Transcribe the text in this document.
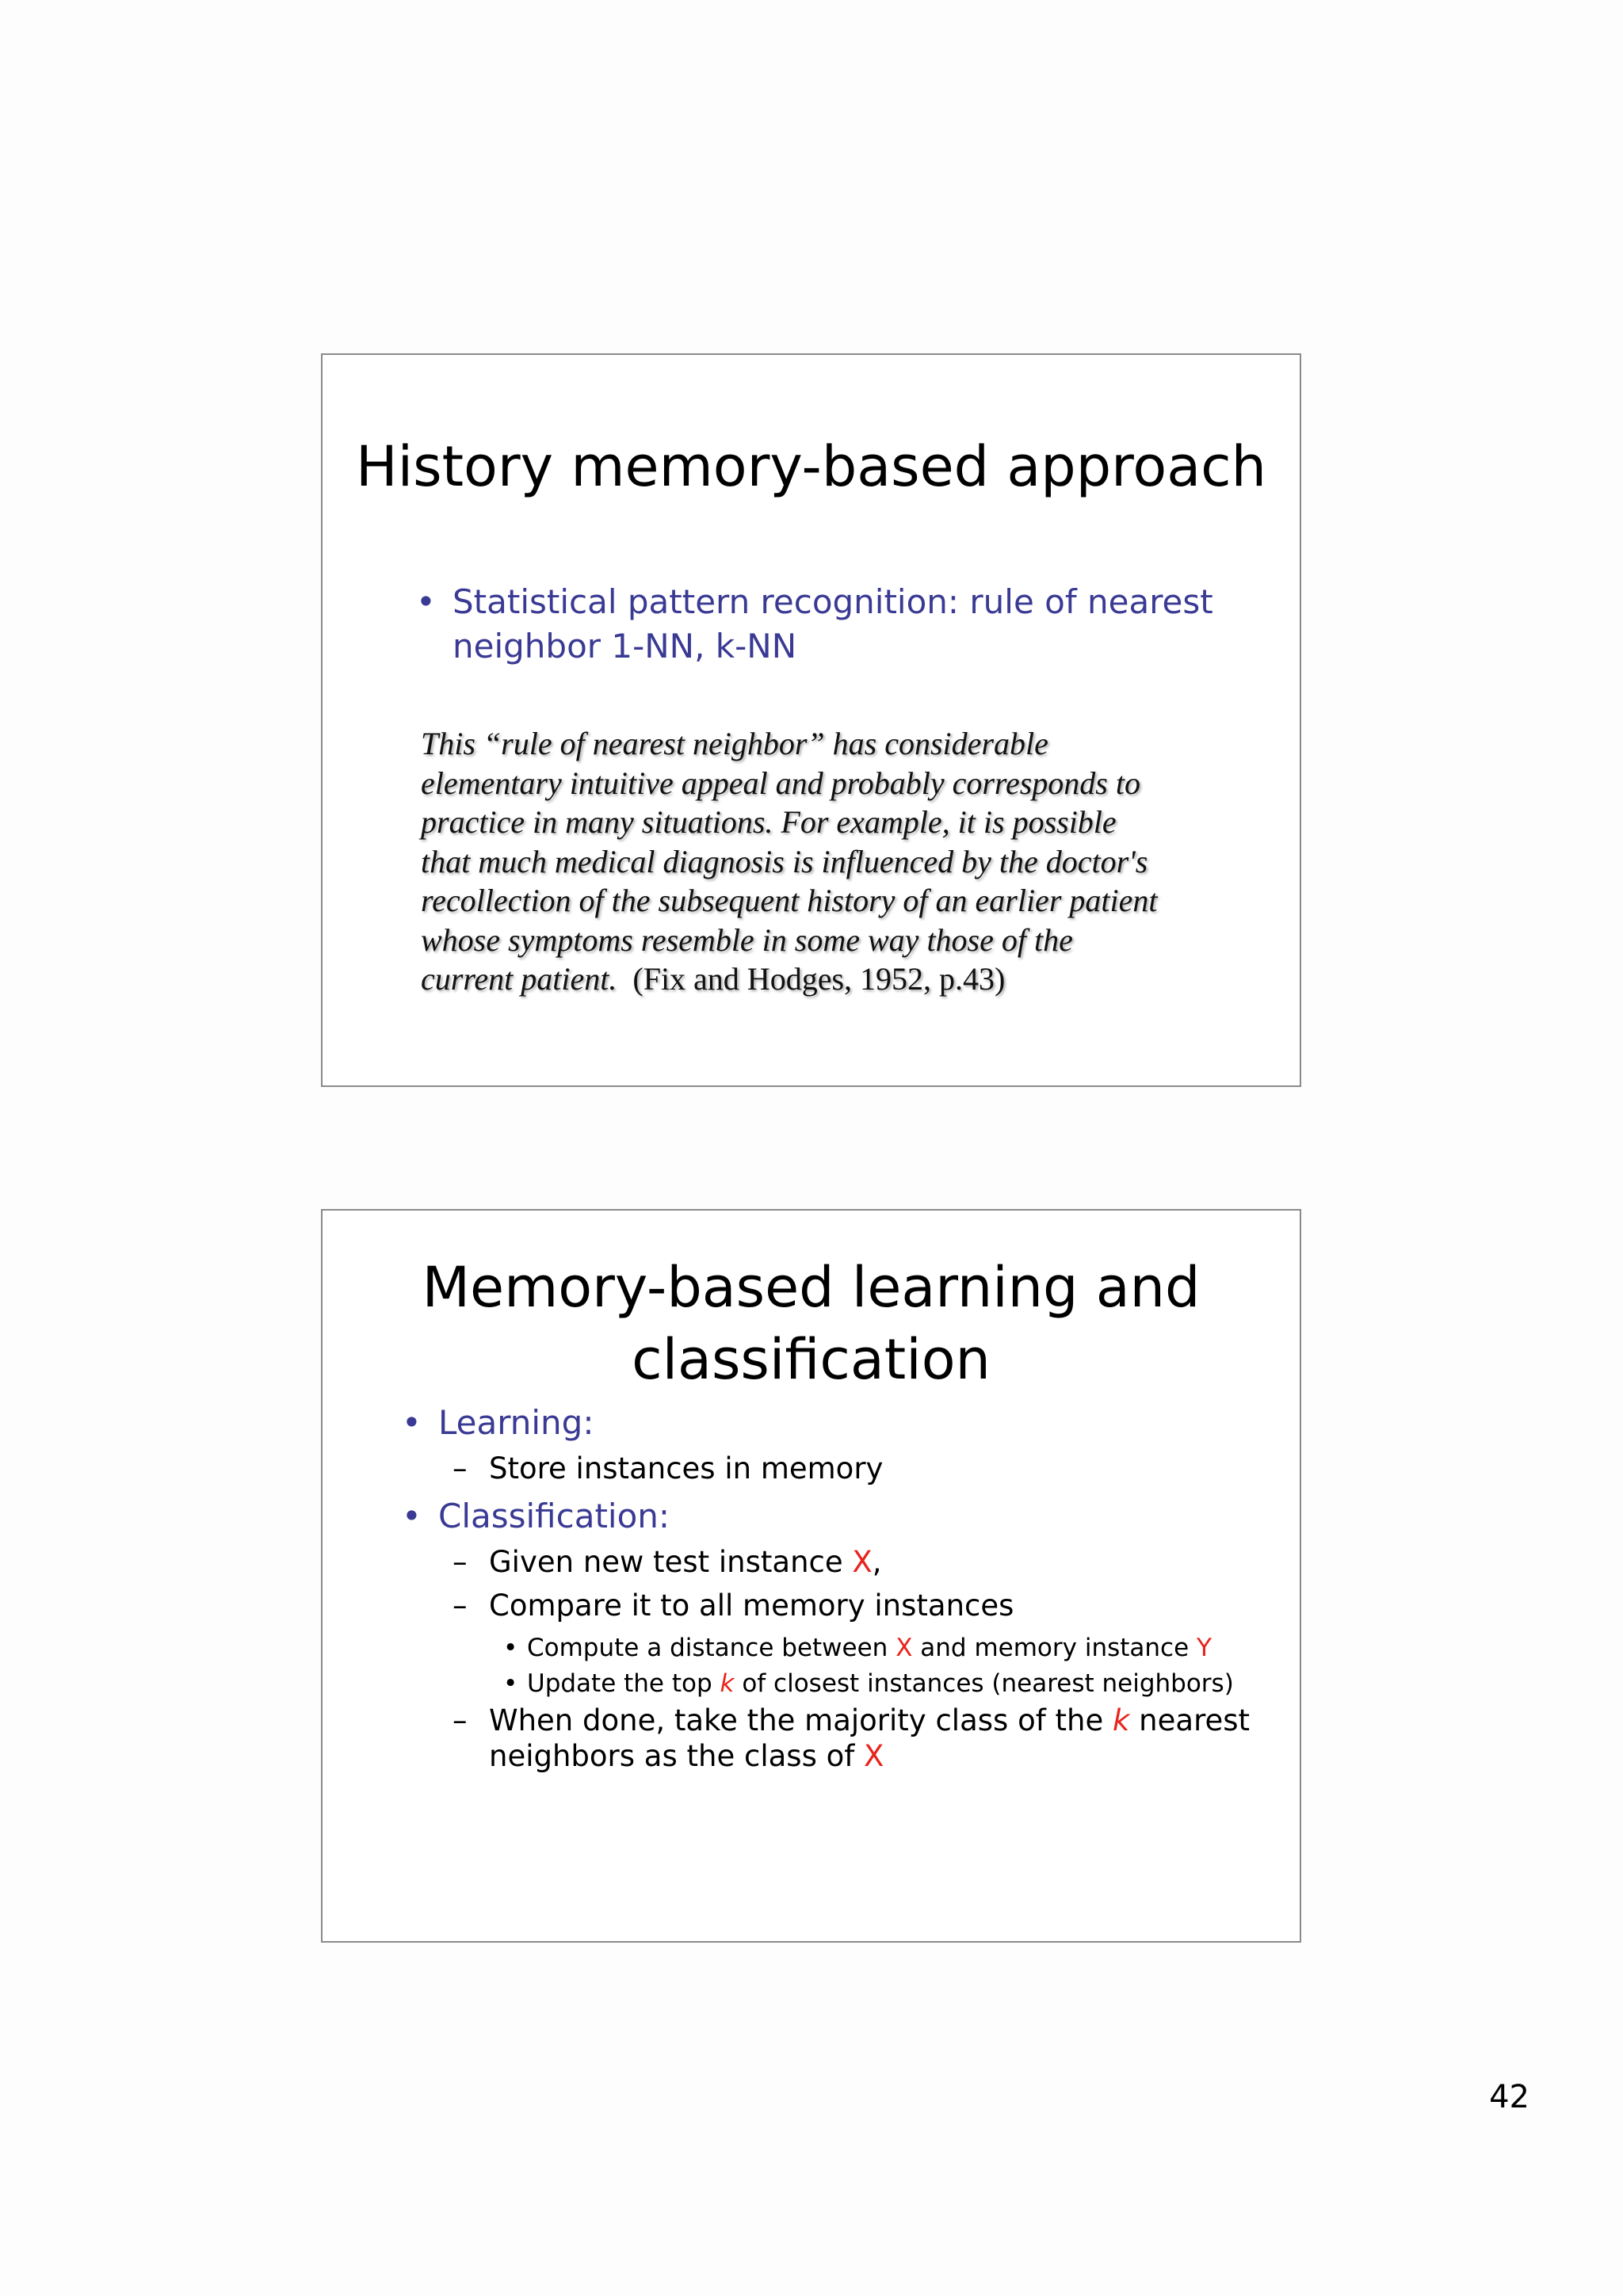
History memory-based approach
• Statistical pattern recognition: rule of nearest
neighbor 1-NN, k-NN
This “rule of nearest neighbor” has considerable
elementary intuitive appeal and probably corresponds to
practice in many situations. For example, it is possible
that much medical diagnosis is influenced by the doctor's
recollection of the subsequent history of an earlier patient
whose symptoms resemble in some way those of the
current patient. (Fix and Hodges, 1952, p.43)
Memory-based learning and
classification
• Learning:
– Store instances in memory
• Classification:
– Given new test instance X,
– Compare it to all memory instances
• Compute a distance between X and memory instance Y
• Update the top k of closest instances (nearest neighbors)
– When done, take the majority class of the k nearest
neighbors as the class of X
42
